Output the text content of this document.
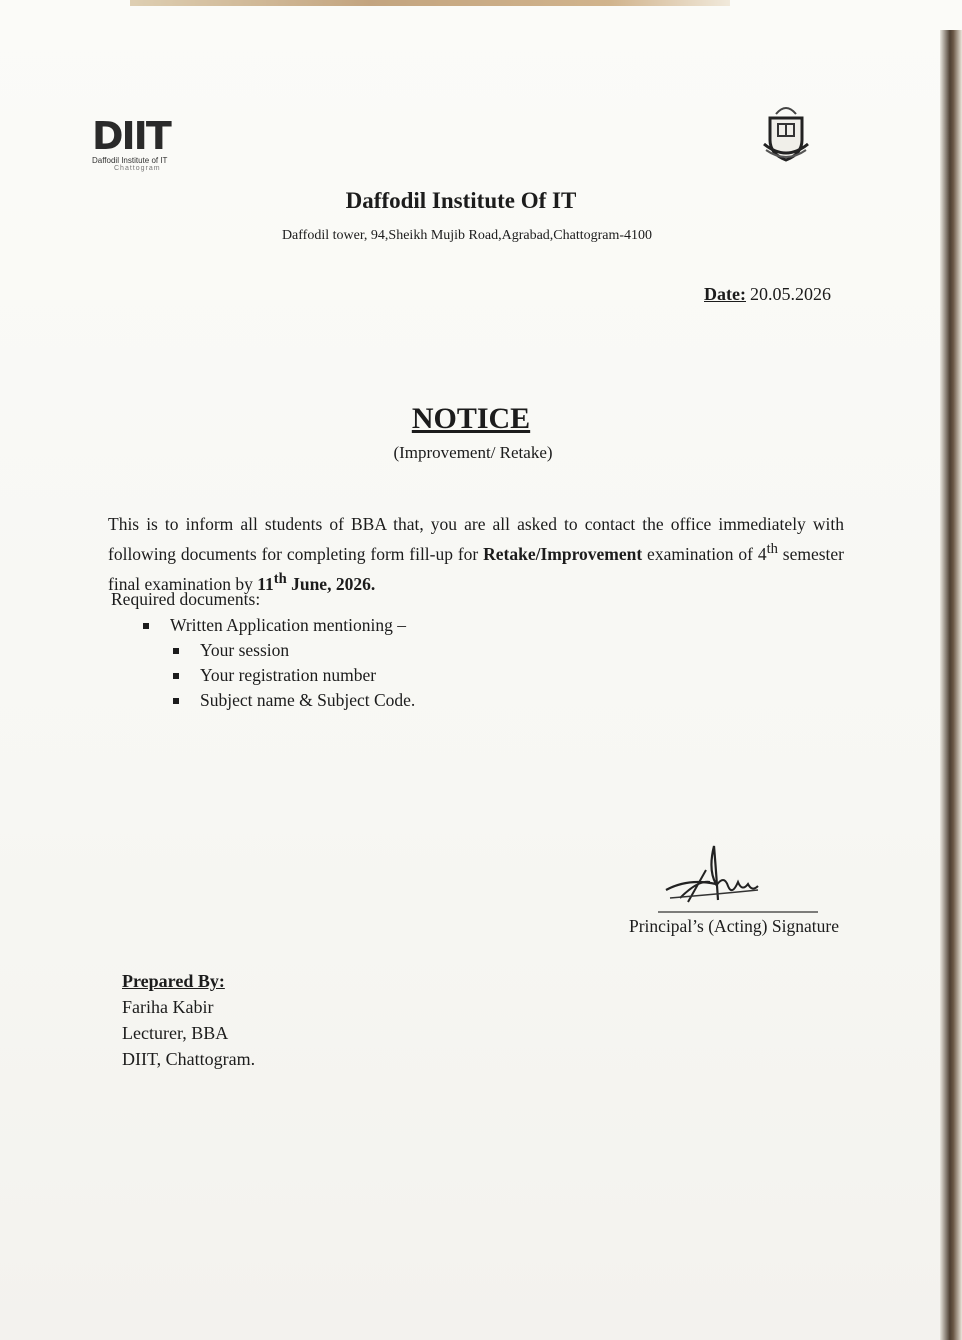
DIIT
Daffodil Institute of IT
Chattogram
Daffodil Institute Of IT
Daffodil tower, 94,Sheikh Mujib Road,Agrabad,Chattogram-4100
Date: 20.05.2026
NOTICE
(Improvement/ Retake)
This is to inform all students of BBA that, you are all asked to contact the office immediately with following documents for completing form fill-up for Retake/Improvement examination of 4th semester final examination by 11th June, 2026.
Required documents:
Written Application mentioning –
Your session
Your registration number
Subject name & Subject Code.
Principal’s (Acting) Signature
Prepared By:
Fariha Kabir
Lecturer, BBA
DIIT, Chattogram.
